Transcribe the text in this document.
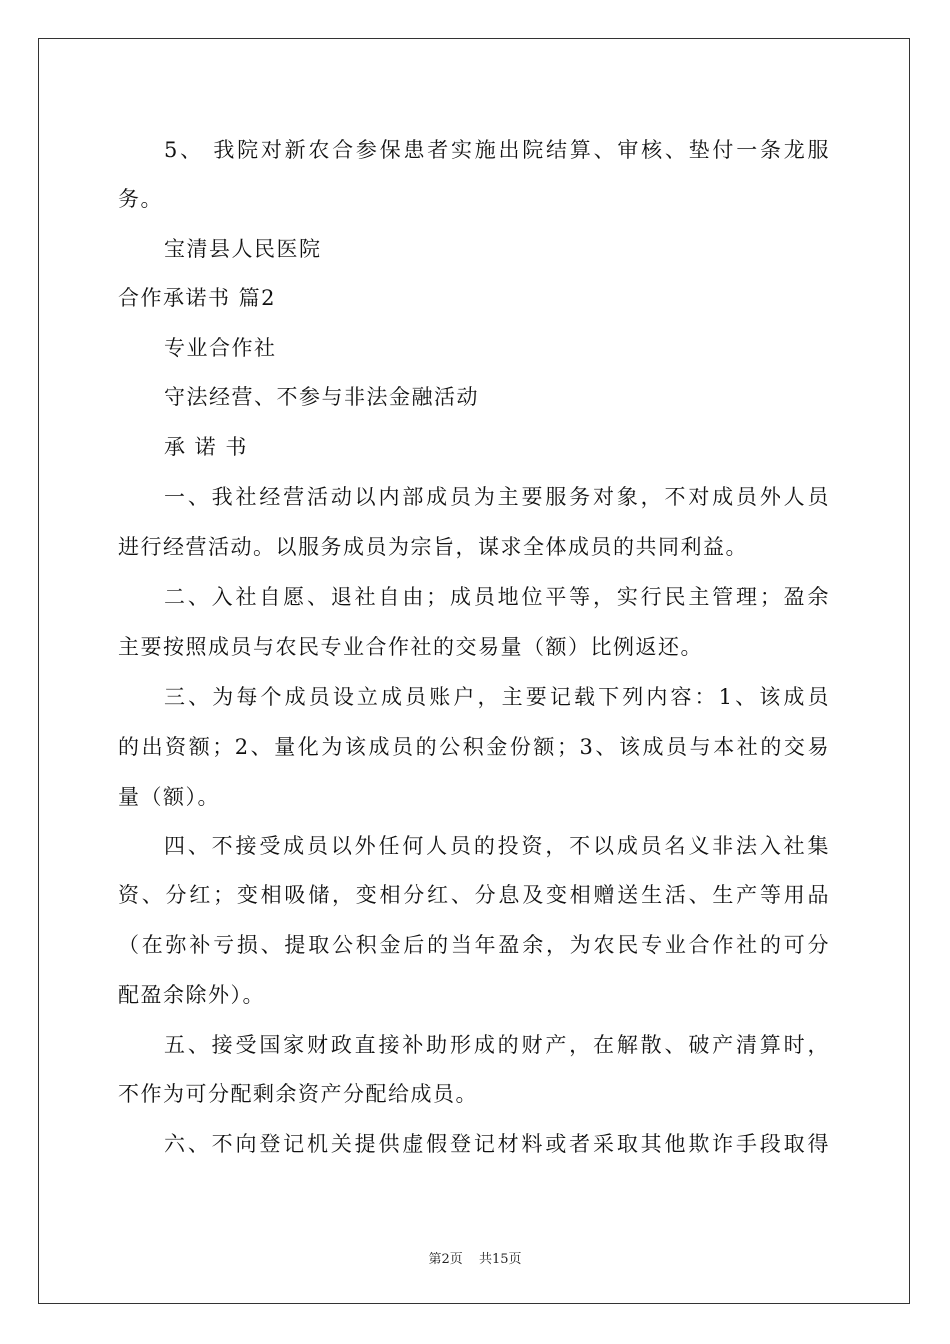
5、 我院对新农合参保患者实施出院结算、审核、垫付一条龙服
务。
宝清县人民医院
合作承诺书 篇2
专业合作社
守法经营、不参与非法金融活动
承 诺 书
一、我社经营活动以内部成员为主要服务对象，不对成员外人员
进行经营活动。以服务成员为宗旨，谋求全体成员的共同利益。
二、入社自愿、退社自由；成员地位平等，实行民主管理；盈余
主要按照成员与农民专业合作社的交易量（额）比例返还。
三、为每个成员设立成员账户，主要记载下列内容：1、该成员
的出资额；2、量化为该成员的公积金份额；3、该成员与本社的交易
量（额）。
四、不接受成员以外任何人员的投资，不以成员名义非法入社集
资、分红；变相吸储，变相分红、分息及变相赠送生活、生产等用品
（在弥补亏损、提取公积金后的当年盈余，为农民专业合作社的可分
配盈余除外）。
五、接受国家财政直接补助形成的财产，在解散、破产清算时，
不作为可分配剩余资产分配给成员。
六、不向登记机关提供虚假登记材料或者采取其他欺诈手段取得
第2页 共15页
